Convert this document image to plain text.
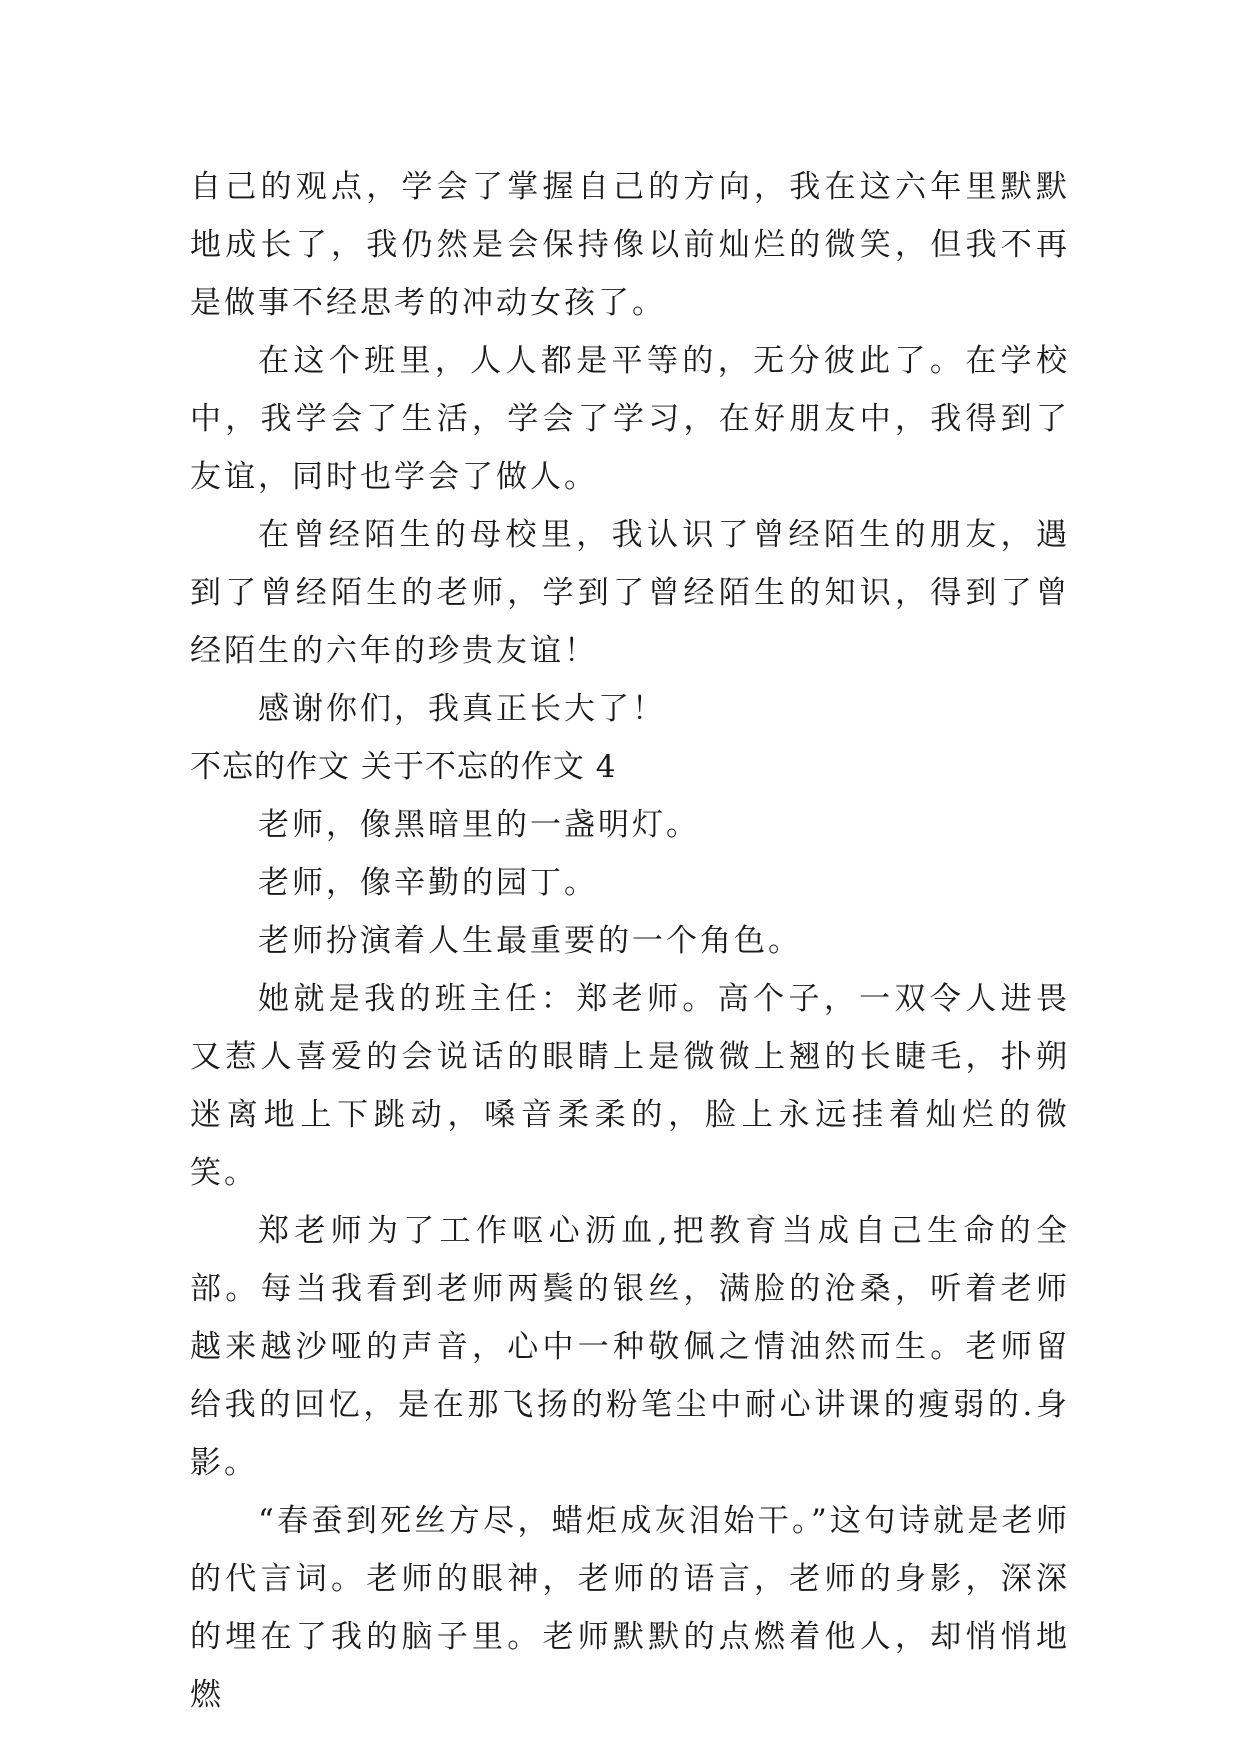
自己的观点，学会了掌握自己的方向，我在这六年里默默地成长了，我仍然是会保持像以前灿烂的微笑，但我不再是做事不经思考的冲动女孩了。

在这个班里，人人都是平等的，无分彼此了。在学校中，我学会了生活，学会了学习，在好朋友中，我得到了友谊，同时也学会了做人。

在曾经陌生的母校里，我认识了曾经陌生的朋友，遇到了曾经陌生的老师，学到了曾经陌生的知识，得到了曾经陌生的六年的珍贵友谊！

感谢你们，我真正长大了！

不忘的作文 关于不忘的作文 4

老师，像黑暗里的一盏明灯。

老师，像辛勤的园丁。

老师扮演着人生最重要的一个角色。

她就是我的班主任：郑老师。高个子，一双令人进畏又惹人喜爱的会说话的眼睛上是微微上翘的长睫毛，扑朔迷离地上下跳动，嗓音柔柔的，脸上永远挂着灿烂的微笑。

郑老师为了工作呕心沥血,把教育当成自己生命的全部。每当我看到老师两鬓的银丝，满脸的沧桑，听着老师越来越沙哑的声音，心中一种敬佩之情油然而生。老师留给我的回忆，是在那飞扬的粉笔尘中耐心讲课的瘦弱的.身影。

“春蚕到死丝方尽，蜡炬成灰泪始干。”这句诗就是老师的代言词。老师的眼神，老师的语言，老师的身影，深深的埋在了我的脑子里。老师默默的点燃着他人，却悄悄地燃
